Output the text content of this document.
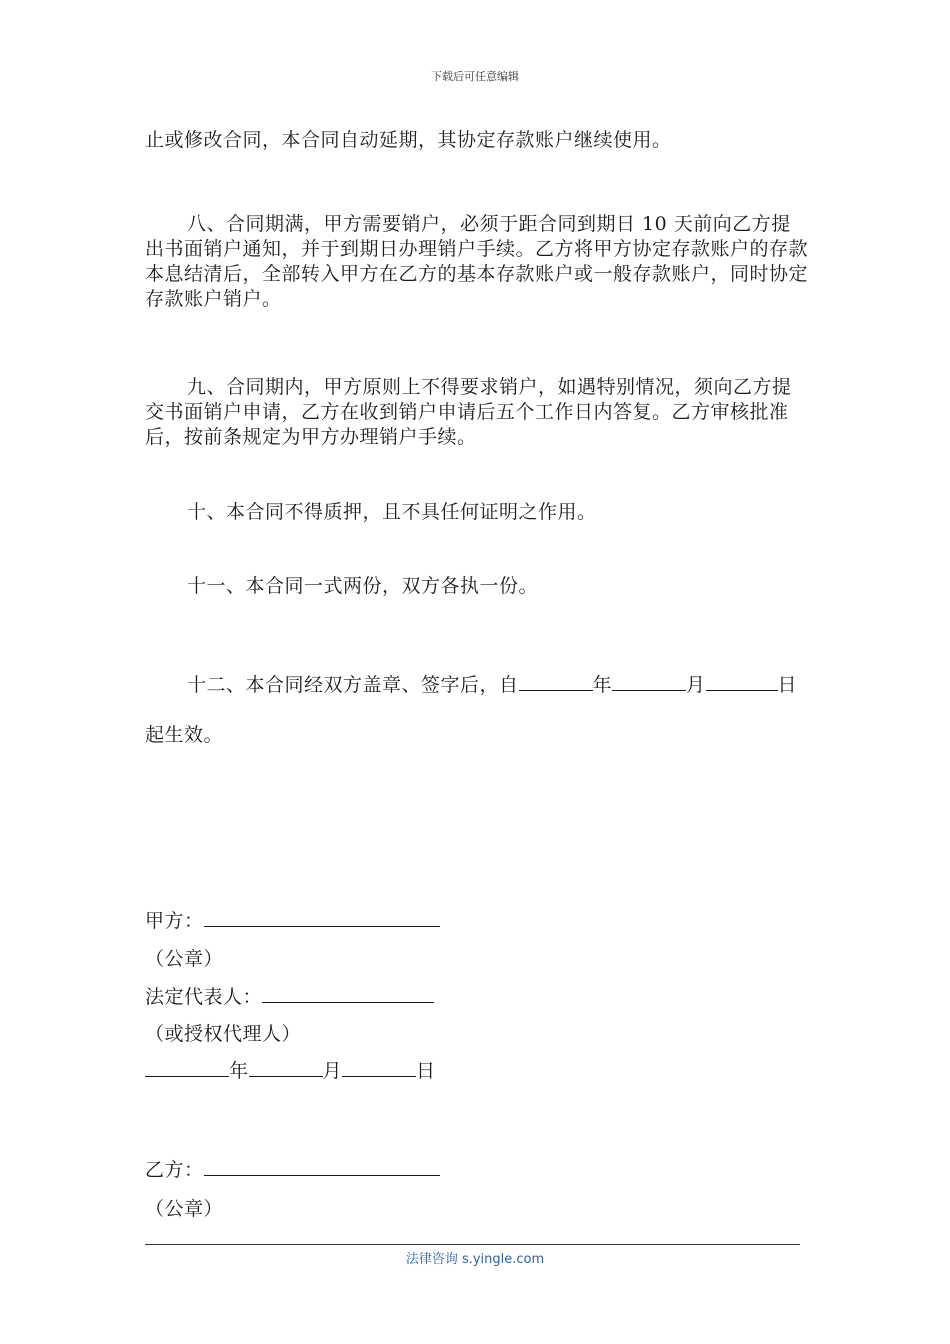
下载后可任意编辑

止或修改合同，本合同自动延期，其协定存款账户继续使用。

八、合同期满，甲方需要销户，必须于距合同到期日 10 天前向乙方提出书面销户通知，并于到期日办理销户手续。乙方将甲方协定存款账户的存款本息结清后，全部转入甲方在乙方的基本存款账户或一般存款账户，同时协定存款账户销户。

九、合同期内，甲方原则上不得要求销户，如遇特别情况，须向乙方提交书面销户申请，乙方在收到销户申请后五个工作日内答复。乙方审核批准后，按前条规定为甲方办理销户手续。

十、本合同不得质押，且不具任何证明之作用。

十一、本合同一式两份，双方各执一份。

十二、本合同经双方盖章、签字后，自	年	月	日起生效。

甲方：
（公章）
法定代表人：
（或授权代理人）
年	月	日
乙方：
（公章）
法律咨询 s.yingle.com
